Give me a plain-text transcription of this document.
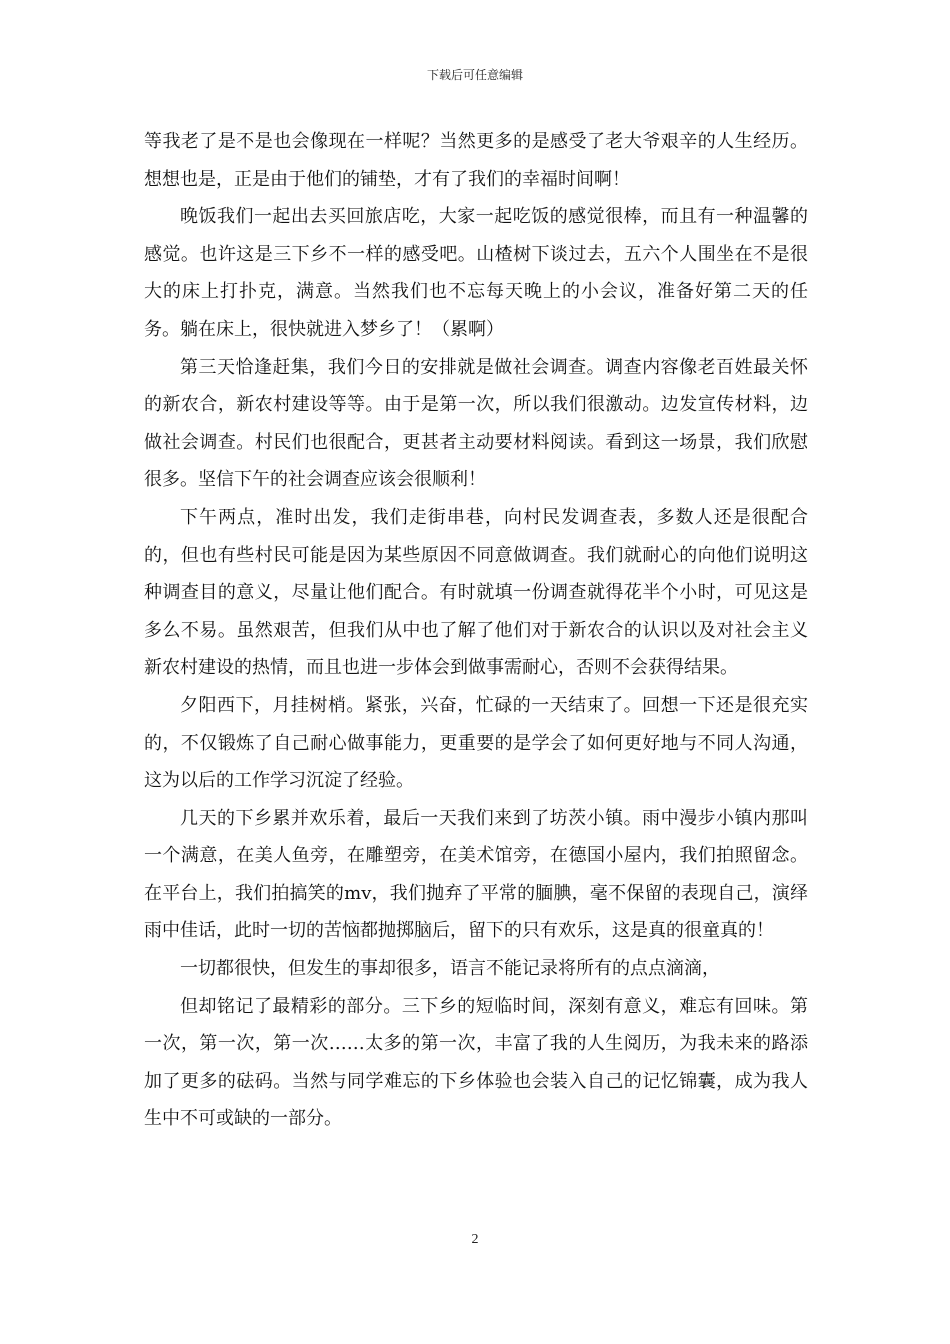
下载后可任意编辑

等我老了是不是也会像现在一样呢？当然更多的是感受了老大爷艰辛的人生经历。想想也是，正是由于他们的铺垫，才有了我们的幸福时间啊！

晚饭我们一起出去买回旅店吃，大家一起吃饭的感觉很棒，而且有一种温馨的感觉。也许这是三下乡不一样的感受吧。山楂树下谈过去，五六个人围坐在不是很大的床上打扑克，满意。当然我们也不忘每天晚上的小会议，准备好第二天的任务。躺在床上，很快就进入梦乡了！（累啊）

第三天恰逢赶集，我们今日的安排就是做社会调查。调查内容像老百姓最关怀的新农合，新农村建设等等。由于是第一次，所以我们很激动。边发宣传材料，边做社会调查。村民们也很配合，更甚者主动要材料阅读。看到这一场景，我们欣慰很多。坚信下午的社会调查应该会很顺利！

下午两点，准时出发，我们走街串巷，向村民发调查表，多数人还是很配合的，但也有些村民可能是因为某些原因不同意做调查。我们就耐心的向他们说明这种调查目的意义，尽量让他们配合。有时就填一份调查就得花半个小时，可见这是多么不易。虽然艰苦，但我们从中也了解了他们对于新农合的认识以及对社会主义新农村建设的热情，而且也进一步体会到做事需耐心，否则不会获得结果。

夕阳西下，月挂树梢。紧张，兴奋，忙碌的一天结束了。回想一下还是很充实的，不仅锻炼了自己耐心做事能力，更重要的是学会了如何更好地与不同人沟通，这为以后的工作学习沉淀了经验。

几天的下乡累并欢乐着，最后一天我们来到了坊茨小镇。雨中漫步小镇内那叫一个满意，在美人鱼旁，在雕塑旁，在美术馆旁，在德国小屋内，我们拍照留念。在平台上，我们拍搞笑的mv，我们抛弃了平常的腼腆，毫不保留的表现自己，演绎雨中佳话，此时一切的苦恼都抛掷脑后，留下的只有欢乐，这是真的很童真的！

一切都很快，但发生的事却很多，语言不能记录将所有的点点滴滴，

但却铭记了最精彩的部分。三下乡的短临时间，深刻有意义，难忘有回味。第一次，第一次，第一次……太多的第一次，丰富了我的人生阅历，为我未来的路添加了更多的砝码。当然与同学难忘的下乡体验也会装入自己的记忆锦囊，成为我人生中不可或缺的一部分。

2
